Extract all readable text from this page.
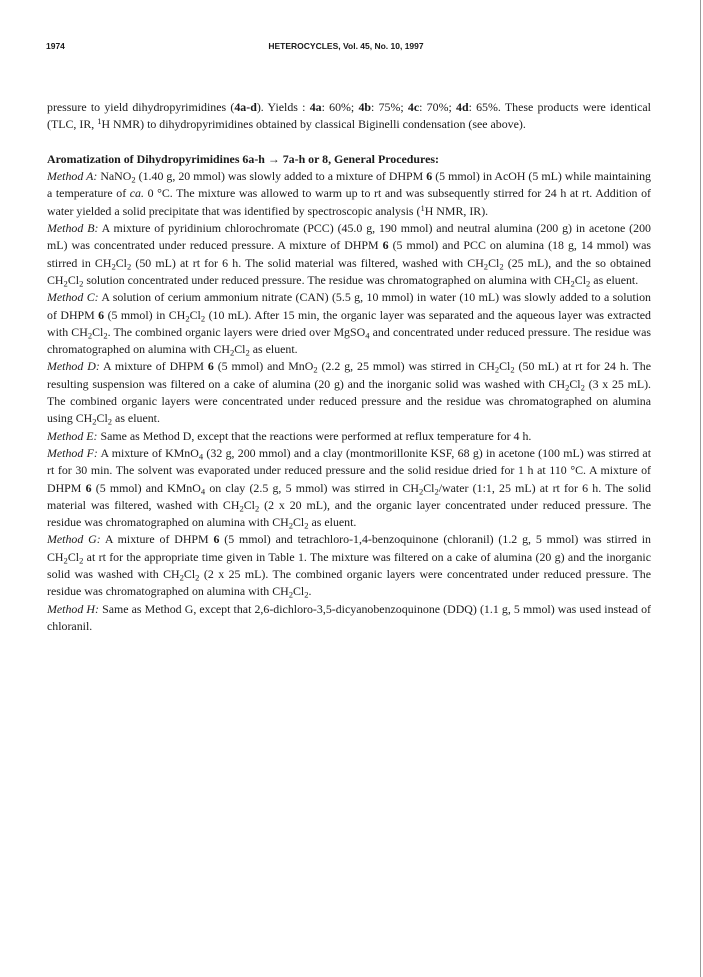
1974	HETEROCYCLES, Vol. 45, No. 10, 1997

pressure to yield dihydropyrimidines (4a-d). Yields : 4a: 60%; 4b: 75%; 4c: 70%; 4d: 65%. These products were identical (TLC, IR, $^1$H NMR) to dihydropyrimidines obtained by classical Biginelli condensation (see above).

Aromatization of Dihydropyrimidines 6a-h → 7a-h or 8, General Procedures:

Method A: NaNO$_2$ (1.40 g, 20 mmol) was slowly added to a mixture of DHPM 6 (5 mmol) in AcOH (5 mL) while maintaining a temperature of ca. 0 °C. The mixture was allowed to warm up to rt and was subsequently stirred for 24 h at rt. Addition of water yielded a solid precipitate that was identified by spectroscopic analysis ($^1$H NMR, IR).

Method B: A mixture of pyridinium chlorochromate (PCC) (45.0 g, 190 mmol) and neutral alumina (200 g) in acetone (200 mL) was concentrated under reduced pressure. A mixture of DHPM 6 (5 mmol) and PCC on alumina (18 g, 14 mmol) was stirred in $CH_2Cl_2$ (50 mL) at rt for 6 h. The solid material was filtered, washed with $CH_2Cl_2$ (25 mL), and the so obtained $CH_2Cl_2$ solution concentrated under reduced pressure. The residue was chromatographed on alumina with $CH_2Cl_2$ as eluent.

Method C: A solution of cerium ammonium nitrate (CAN) (5.5 g, 10 mmol) in water (10 mL) was slowly added to a solution of DHPM 6 (5 mmol) in $CH_2Cl_2$ (10 mL). After 15 min, the organic layer was separated and the aqueous layer was extracted with $CH_2Cl_2$. The combined organic layers were dried over MgSO$_4$ and concentrated under reduced pressure. The residue was chromatographed on alumina with $CH_2Cl_2$ as eluent.

Method D: A mixture of DHPM 6 (5 mmol) and MnO$_2$ (2.2 g, 25 mmol) was stirred in $CH_2Cl_2$ (50 mL) at rt for 24 h. The resulting suspension was filtered on a cake of alumina (20 g) and the inorganic solid was washed with $CH_2Cl_2$ (3 x 25 mL). The combined organic layers were concentrated under reduced pressure and the residue was chromatographed on alumina using $CH_2Cl_2$ as eluent.

Method E: Same as Method D, except that the reactions were performed at reflux temperature for 4 h.

Method F: A mixture of KMnO$_4$ (32 g, 200 mmol) and a clay (montmorillonite KSF, 68 g) in acetone (100 mL) was stirred at rt for 30 min. The solvent was evaporated under reduced pressure and the solid residue dried for 1 h at 110 °C. A mixture of DHPM 6 (5 mmol) and KMnO$_4$ on clay (2.5 g, 5 mmol) was stirred in $CH_2Cl_2$/water (1:1, 25 mL) at rt for 6 h. The solid material was filtered, washed with $CH_2Cl_2$ (2 x 20 mL), and the organic layer concentrated under reduced pressure. The residue was chromatographed on alumina with $CH_2Cl_2$ as eluent.

Method G: A mixture of DHPM 6 (5 mmol) and tetrachloro-1,4-benzoquinone (chloranil) (1.2 g, 5 mmol) was stirred in $CH_2Cl_2$ at rt for the appropriate time given in Table 1. The mixture was filtered on a cake of alumina (20 g) and the inorganic solid was washed with $CH_2Cl_2$ (2 x 25 mL). The combined organic layers were concentrated under reduced pressure. The residue was chromatographed on alumina with $CH_2Cl_2$.

Method H: Same as Method G, except that 2,6-dichloro-3,5-dicyanobenzoquinone (DDQ) (1.1 g, 5 mmol) was used instead of chloranil.
